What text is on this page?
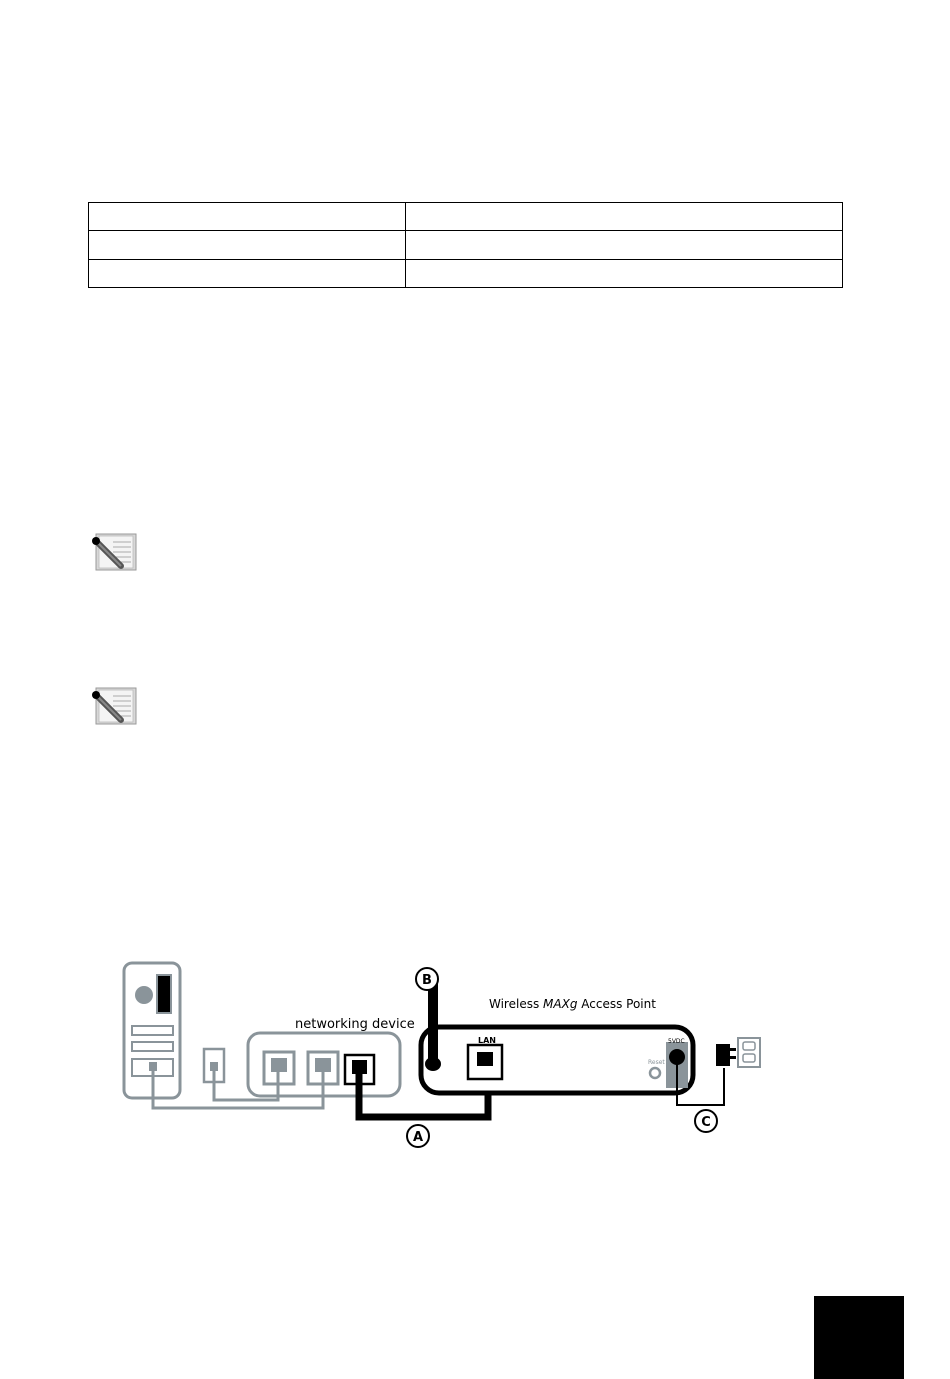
networking device
LAN	5VDC
Reset
Wireless MAXg Access Point
A
B
C
